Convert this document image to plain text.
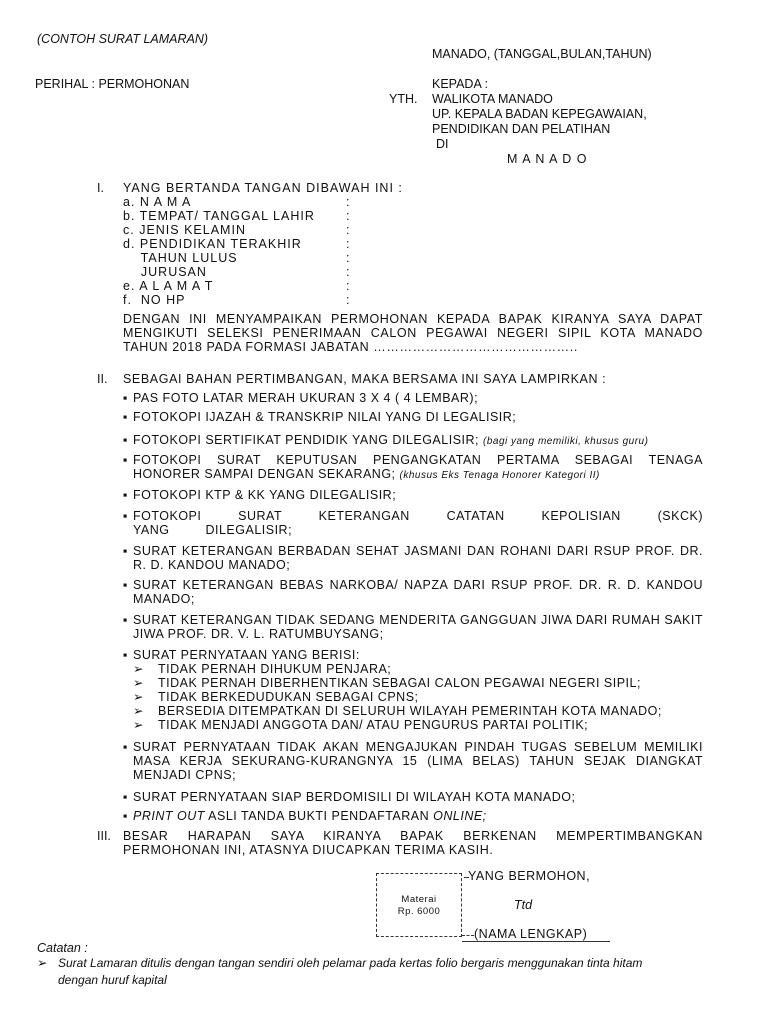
(CONTOH SURAT LAMARAN)
MANADO, (TANGGAL,BULAN,TAHUN)
PERIHAL : PERMOHONAN	KEPADA :
YTH. WALIKOTA MANADO
UP. KEPALA BADAN KEPEGAWAIAN,
PENDIDIKAN DAN PELATIHAN
DI
M A N A D O
I. YANG BERTANDA TANGAN DIBAWAH INI :
a. N A M A	:
b. TEMPAT/ TANGGAL LAHIR :
c. JENIS KELAMIN	:
d. PENDIDIKAN TERAKHIR	:
TAHUN LULUS	:
JURUSAN	:
e. A L A M A T	:
f.  NO HP	:
DENGAN INI MENYAMPAIKAN PERMOHONAN KEPADA BAPAK KIRANYA SAYA DAPAT MENGIKUTI SELEKSI PENERIMAAN CALON PEGAWAI NEGERI SIPIL KOTA MANADO TAHUN 2018 PADA FORMASI JABATAN ………………………………………..
II. SEBAGAI BAHAN PERTIMBANGAN, MAKA BERSAMA INI SAYA LAMPIRKAN :
▪ PAS FOTO LATAR MERAH UKURAN 3 X 4 ( 4 LEMBAR);
▪ FOTOKOPI IJAZAH & TRANSKRIP NILAI YANG DI LEGALISIR;
▪ FOTOKOPI SERTIFIKAT PENDIDIK YANG DILEGALISIR; (bagi yang memiliki, khusus guru)
▪ FOTOKOPI SURAT KEPUTUSAN PENGANGKATAN PERTAMA SEBAGAI TENAGA HONORER SAMPAI DENGAN SEKARANG; (khusus Eks Tenaga Honorer Kategori II)
▪ FOTOKOPI KTP & KK YANG DILEGALISIR;
▪ FOTOKOPI SURAT KETERANGAN CATATAN KEPOLISIAN (SKCK) YANG DILEGALISIR;
▪ SURAT KETERANGAN BERBADAN SEHAT JASMANI DAN ROHANI DARI RSUP PROF. DR. R. D. KANDOU MANADO;
▪ SURAT KETERANGAN BEBAS NARKOBA/ NAPZA DARI RSUP PROF. DR. R. D. KANDOU MANADO;
▪ SURAT KETERANGAN TIDAK SEDANG MENDERITA GANGGUAN JIWA DARI RUMAH SAKIT JIWA PROF. DR. V. L. RATUMBUYSANG;
▪ SURAT PERNYATAAN YANG BERISI:
➢ TIDAK PERNAH DIHUKUM PENJARA;
➢ TIDAK PERNAH DIBERHENTIKAN SEBAGAI CALON PEGAWAI NEGERI SIPIL;
➢ TIDAK BERKEDUDUKAN SEBAGAI CPNS;
➢ BERSEDIA DITEMPATKAN DI SELURUH WILAYAH PEMERINTAH KOTA MANADO;
➢ TIDAK MENJADI ANGGOTA DAN/ ATAU PENGURUS PARTAI POLITIK;
▪ SURAT PERNYATAAN TIDAK AKAN MENGAJUKAN PINDAH TUGAS SEBELUM MEMILIKI MASA KERJA SEKURANG-KURANGNYA 15 (LIMA BELAS) TAHUN SEJAK DIANGKAT MENJADI CPNS;
▪ SURAT PERNYATAAN SIAP BERDOMISILI DI WILAYAH KOTA MANADO;
▪ PRINT OUT ASLI TANDA BUKTI PENDAFTARAN ONLINE;
III. BESAR HARAPAN SAYA KIRANYA BAPAK BERKENAN MEMPERTIMBANGKAN PERMOHONAN INI, ATASNYA DIUCAPKAN TERIMA KASIH.
YANG BERMOHON,
Materai
Rp. 6000	Ttd
(NAMA LENGKAP)
Catatan :
➢ Surat Lamaran ditulis dengan tangan sendiri oleh pelamar pada kertas folio bergaris menggunakan tinta hitam
dengan huruf kapital
